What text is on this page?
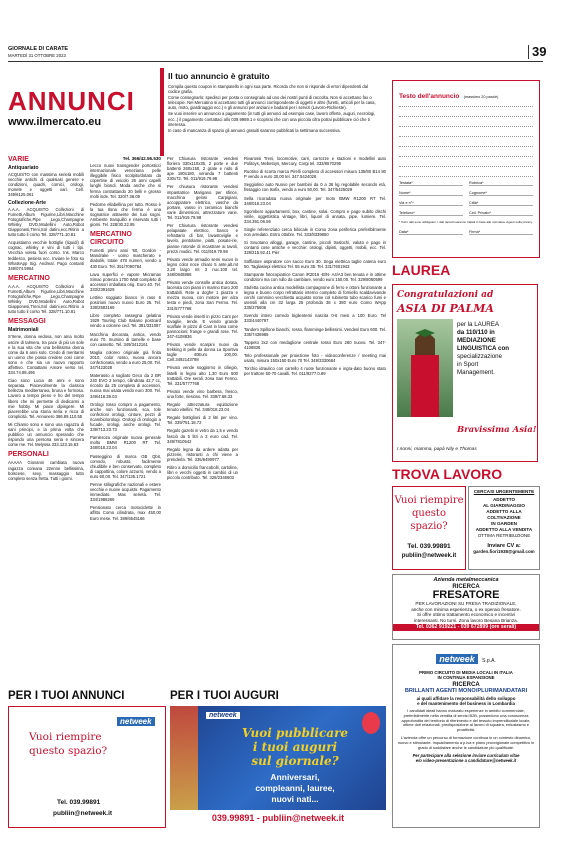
GIORNALE DI CARATE
MARTEDÌ 31 OTTOBRE 2023	39
ANNUNCI
www.ilmercato.eu
Il tuo annuncio è gratuito

Compila questo coupon in stampatello in ogni sua parte. Ricorda che non si risponde di errori dipendenti dal codice grafia.

Come consegnarlo: spedisci per posta o consegnalo ad uno dei nostri punti di raccolta. Non si accettano fax o telecopie. Nel Mercatino si accettano tutti gli annunci corrispondente di oggetti e altro (furetti, articoli per la casa, auto, moto, giardinaggio ecc.) e gli annunci per anziani e badanti per i servizi (Lavoro-Richieste).

Se vuoi inserire un annuncio a pagamento (in tutti gli annunci ad esempio case, lavoro offerte, auguri, necrologi, ecc..) il pagamento contattaci allo 039.9989.1 e scoprirai che con una piccola cifra potrai pubblicare ciò che ti interessa.

In caso di mancanza di spazio gli annunci gratuiti saranno pubblicati la settimana successiva.

Testo dell'annuncio (massimo 20 parole)
Testata*	Rubrica*
Nome*	Cognome*
Via e n°*	Città*
Telefono*	Cell. Privato*
* Tutti i dati sono obbligatori. I dati raccolti saranno trattati in base alle normative vigenti sulla privacy.
Data*	Firma*
VARIE
Antiquariato

ACQUISTO con massima serietà mobili vecchie antichi di qualsiasi genere e condizioni, quadri, cornici, orologi, monete e oggetti vari. Cell. 349/6125.061

Collezione-Arte

A.A.A. ACQUISTO Collezioni di Fumetti,Album Figurine,Libri,Macchine Fotografiche,Pipe ,Lego,Champagne Whisky DVD,Modellini Auto,Robot Giapponesi,Treni,Sol datini,ecc.Ritirio a tutto tutto il corso Tel. 328/771.10.81

Acquistiamo vecchie bottiglie (liquidi) di cognac, whisky e vini di tutti i tipi. Vecchia veleta fuori corso. Ins. Marco teddesco, pesiera ecc. Inviare le foto su WhatsApp Sig. Andreal. Pago contanti 349/074.5964

MERCATINO

A.A.A. ACQUISTO Collezioni di Fumetti,Album Figurine,Libri,Macchine Fotografiche,Pipe ,Lego,Champagne Whisky DVD,Modellini Auto,Robot Giapponesi,Treni,Sol datini,ecc.Ritirio a tutto tutto il corso Tel. 328/771.10.81

MESSAGGI
Matrimoniali

S'Irene, donna vedova, non ama molto uscire di talmera, tra pace di più un sole e la sua vita che una bellissima donna come da 6 anni solo. Credo di meritarmi un uomo che possa credere così come sono e che sia un nuovo rapporto affettivo. Contattami Amore verso tel. 334.74.88.496

Ciao sono Lucia 46 anni e sono separata. Piacevolmente la classica bellezza mediterranea, bruna e formosa. Lavoro a tempo pieno e ho del tempo libero che mi permette di dedicarmi a mie hobby. Mi piace dipingere. Mi piacerebbe una storia seria e ricca di complicità. Tel. Annunero 366.89.110.55

Mi Chiamo sono e sono una ragazza di sani principi, e la prima volta che pubblico un annuncio sperando che rispondo una persona seria e sincera come me. Tel. Melyssa 333.123.15.63

PERSONALI

AAAAA Giovanni cambiata nuova ragazza coreana 22enne bellissima, bolscese, sexy, massaggio tutto completo senza fretta. Tutti i giorni.

Tel. 366/42.56.530

Lecco nuovi transgender portosticci internazionale veneziana pelle illeggibile fisico scolpito/dotato da copertine di veicolo 26 anni capelli lunghi biondi. Moda anche che si ferma contrattando 20 belli e grosso molti inde. Tel. 320/7.36.09

Pedorne ellabellina per tutto. Rosso è la tua Ilona che ferma è una sognatrice attraente dei tuoi sogni. Ambiente tranquillo e riservato tutti i giorni. Tel. 328/30.22.95

MERCATINO
CIRCUITO

Fumetti primi anni '60, Gordon - Mandrake - uomo mascherato e diabolik, totale 478 numeri, vendo a 430 Euro. Tel. 351/7090764

Lava superfici e vapore Micramax Simac potenza 1700 Watt completo di accessori imballata orig. Euro 40. Tel. 333/2391629

Lettino soggiato bianco in raso 6 posizioni nuovo nuovo Euro 25. Tel. 338/2583169

Libro completo rassegna gelatina 1929 Touring Club Italiano postcard vendo a colonne ced. Tel. 381/331087

Macchina decorata, antica, vendo euro 70. mumino di tamelle e base con cassetto. Tel. 349/3412161

Maglia coloreo originale già finita 2010, color rosso, nuova ancora confezionata, vendo a euro 25,00. Tel. 347/423028

Materasso a sogliato Geco da 2 BR 240 EVO 2 tempo, cilindrata 42,7 cc, ricordo da 25 completa di accessori, nuova mai usata vendo euro 300. Tel. 349/418.39.03

Orologi rosso compro a pagamento, anche non funzionanti, sca, tole confezioni orologi, cinture, pezzi di ricambio/orologi. Orologi di orologio a fucade, orologi, anche orologi. Tel. 339/713.23.73

Pamleroza originale nuova generale molto BMW R1200 RT Tel. 348/018.23.04

Passeggino di marca GB Qbit, comodo, robusto, facilmente chiudibile e ben conservato, completo di cappottina, colore azzurro, vendo a euro 60,00. Tel. 347/135.1721

Penne stilografiche nazionali e estere vecchie e nuove acquisto. Pagamento immediato. Max serietà. Tel. 334/1988266

Pensionato cerca motociclette in affitto Como cilindrata, max 450,00 Euro mese. Tel. 389/6545166

Per Chiusura ristorante vendesi floriera 330x110x35, 2 porte e due battenti 260x150, 2 grate e nido di ape 180x180, veranda 7 battenti 230x72. Tel. 011/919.79.98

Per chiusura ristorante vendesi impastatrice Marigano per sfirice, macchina gelosi Carpigiani, accoppiatore elettrico, vasche da portare, vasso in ceramica bianchi varie dimensioni, attrezzature varie. Tel. 011/919.79.98

Per Chiusura ristorante vendesi pelapatate elettrico, banco e refrattario di bar, lavastoviglie e lavelo, pentolame, piatti, posate-rie, pianoe rotonde di incastrare ai tavoli, prezzi modici. Tel. 011/919.79.98

Privato vende armadio semi nuovo in legno color noce chiaro 5 ante,alt.mt 2,20 largo mt 3 nuc.100 tel. 348/0848866

Privato vende consolle antica dorata, lacerata con piano in marmo Euro 200 trattabili. Rete a doghe 1 piazza e mezza nuova, con motore per alza testa e piedi, zona San Fermo. Tel. 331/5777768

Privato vende inserti in pizzo Cant per tovaglie, tende. E vendo grande scaffale in pizzo di Cant in lana come pannocioni; frange e grandi rose. Tel. 347-4108836

Privato vende scarpini nuovi da trekking in pelle da donna La Sportiva taglie 40Euro 100,00. Cell.3492143798

Privato vende soggiorno in ciliegio, listelli in legno alto 1,30 Euro 500 trattabili. Ore serali. zona San Fermo. Tel. 331/5777768

Privato vende vino barbera, fresco, una forte, riesioso. Tel. 339/7.68.33

Regalo attrezzatura equitazione tenuto vitellini. Tel. 348/018.23.04

Regalo bottiglioni di 2 litri per vino. Tel. 339/751.18.72

Regalo gazebi in vetro da 1,5 e vendo fasciò da 5 litri a 2 euro cad. Tel. 349/7810542

Regalo legna da ardere adatta per pizzerie, ristoranti a chi viene a prenderla. Tel. 335/6490977

Ritiro a domicilio francobolli, cartoline, libri e vecchi oggetti in cambio di un piccolo contributo. Tel. 328/2346603

Rivarossi Treni, locomotive, carri, carrozze e stazioni e modellini auto Politoys, Mebetoys, Mercury, Corgi tel. 333/8570295

Ruotino di scorta marca Pirelli completo di accessori misura 135/80 B14 80 P vendo a euro 30,00 tel. 347.5424026

Seggiolino auto Nuovo per bambini da 0 a 36 kg regolabile secondo età, fissaggio con Isofix, vendo a euro 50,00. Tel. 347/5425029

Sella ricoradata nuova originale per moto BMW R1200 RT Tel. 348/018.23.04

Sgombero appartamenti, box, cantine, solai. Compro e pago subito dischi vinile, oggettistica vintage, libri, liquori di annata, pipe, lumiere. Tel. 334.391.06.56

Single referenziato cerca bilocale in Como zona periferica preferibilmente non arredato. Entro ottobre. Tel. 333/8339850

Si Svuotano alloggi, garage, cantine, piccoli traslochi, valuto e pago in contanti cose antiche e vecchie: orologi, dipinti, oggetti, mobili, ecc. Tel. 328/215.92.41 Pier

Soffiatore aspiratore con sacco Euro 30. Sega elettrica taglio catena euro 50. Tagliasiepi elettrico Tel. 55 euro 35. Tel. 331/7601943

Stampante fotocopiatrice Canon iR2016 -B/N- A4/A3 ben tenuta e in ottime condizioni ma con rullo da cambiare, vendo euro 150,00. Tel. 329/8060599

Stufetta cucina antica modellista compagnone di ferro e ottoni funzionante a legna e buono corpo refrattario interno completo di forniello scaldavivande cerchi commino vecchietta acquisto nome col rubinetto tubo scarico fumi e utensili alla cm 32 larga 25 profonda 38 x 380 euro Como WApp 335/375806

Svendo intero corredo biglientemi nascita 0-6 mesi a 100 Euro. Tel 333/4440797

Tandem Spillone bianchi, rosso, flamminge bellissimi. Vendesi Euro 600. Tel. 335/7436985

Tappeto 3x2 con medaglione centrale rosso Euro 280 nuovo. Tel. 347-4108836

Telo professionale per proiezione foto - videoconferenze / meeting mai usato, misura 150x150 Euro 70 Tel. 349/3330664

Torchio idraulico con carrello 4 ruote funzionante e ingra-dato buono stato per trattore 50-70 cavalli. Tel. 011/9277.0.89

LAUREA
Congratulazioni ad
ASIA DI PALMA
per la LAUREA
da 110/110 in
MEDIAZIONE
LINGUISTICA con
specializzazione
in Sport
Management.
Bravissima Asia!
I nonni, mamma, papà Nily e Thomas
TROVA LAVORO
Vuoi riempire
questo
spazio?
Tel. 039.99891
publiin@netweek.it
CERCASI URGENTEMENTE
ADDETTO
AL GIARDINAGGIO
ADDETTO ALLA COLTIVAZIONE
IN GARDEN
ADDETTO ALLA VENDITA
OTTIMA RETRIBUZIONE
Inviare CV a:
garden.fiori1938@gmail.com
Azienda metalmeccanica
RICERCA
FRESATORE
PER LAVORAZIONI SU FRESA TRADIZIONALE,
anche con minima esperienza, o ex operaio fresatore.
Si offre ottimo trattamento economico e incentivi
interessanti. No turni. Zona lavoro Besana Brianza.
Tel. 0362 919221 - 039 672899 (ore serali)
PER I TUOI ANNUNCI
Vuoi riempire
questo spazio?
netweek
Tel. 039.99891
publiin@netweek.it
PER I TUOI AUGURI
netweek
Vuoi pubblicare
i tuoi auguri
sul giornale?
Anniversari,
compleanni, lauree,
nuovi nati...
039.99891 - publiin@netweek.it
netweek S.p.A.
PRIMO CIRCUITO DI MEDIA LOCALI IN ITALIA
IN CONTINUA ESPANSIONE
RICERCA
BRILLANTI AGENTI MONO/PLURIMANDATARI
ai quali affidare la responsabilità dello sviluppo
e del mantenimento del business in Lombardia
I candidati ideali hanno maturato esperienze in ambito commerciale, preferibilmente nella vendita di servizi B2B, possiedono una conoscenza approfondita del territorio di riferimento e del tessuto imprenditoriale locale, ottime doti relazionali, predisposizione al lavoro di squadra, entusiasmo e proattività.
L'azienda offre un percorso di formazione continua in un contesto dinamico, nuovo e stimolante. Inquadramento a p.iva e piano provvigionale competitivo in grado di soddisfare anche le candidature più qualificate.
Per partecipare alla selezione inviare curriculum vitae
e/o video-presentazione a candidature@netweek.it
